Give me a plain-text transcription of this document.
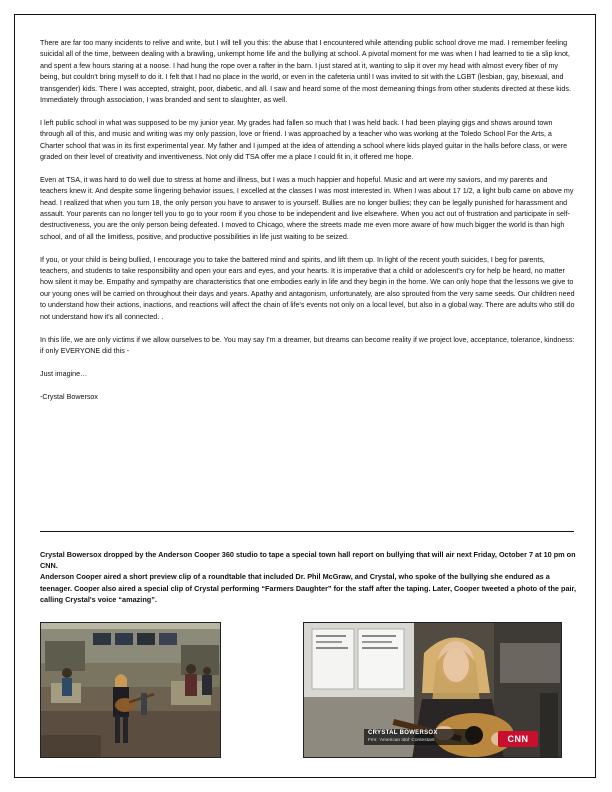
There are far too many incidents to relive and write, but I will tell you this: the abuse that I encountered while attending public school drove me mad. I remember feeling suicidal all of the time, between dealing with a brawling, unkempt home life and the bullying at school. A pivotal moment for me was when I had learned to tie a slip knot, and spent a few hours staring at a noose. I had hung the rope over a rafter in the barn. I just stared at it, wanting to slip it over my head with almost every fiber of my being, but couldn't bring myself to do it. I felt that I had no place in the world, or even in the cafeteria until I was invited to sit with the LGBT (lesbian, gay, bisexual, and transgender) kids. There I was accepted, straight, poor, diabetic, and all. I saw and heard some of the most demeaning things from other students directed at these kids. Immediately through association, I was branded and sent to slaughter, as well.

I left public school in what was supposed to be my junior year. My grades had fallen so much that I was held back. I had been playing gigs and shows around town through all of this, and music and writing was my only passion, love or friend. I was approached by a teacher who was working at the Toledo School For the Arts, a Charter school that was in its first experimental year. My father and I jumped at the idea of attending a school where kids played guitar in the halls before class, or were graded on their level of creativity and inventiveness. Not only did TSA offer me a place I could fit in, it offered me hope.

Even at TSA, it was hard to do well due to stress at home and illness, but I was a much happier and hopeful. Music and art were my saviors, and my parents and teachers knew it. And despite some lingering behavior issues, I excelled at the classes I was most interested in. When I was about 17 1/2, a light bulb came on above my head. I realized that when you turn 18, the only person you have to answer to is yourself. Bullies are no longer bullies; they can be legally punished for harassment and assault. Your parents can no longer tell you to go to your room if you chose to be independent and live elsewhere. When you act out of frustration and participate in self-destructiveness, you are the only person being defeated. I moved to Chicago, where the streets made me even more aware of how much bigger the world is than high school, and of all the limitless, positive, and productive possibilities in life just waiting to be seized.

If you, or your child is being bullied, I encourage you to take the battered mind and spirits, and lift them up. In light of the recent youth suicides, I beg for parents, teachers, and students to take responsibility and open your ears and eyes, and your hearts. It is imperative that a child or adolescent's cry for help be heard, no matter how silent it may be. Empathy and sympathy are characteristics that one embodies early in life and they begin in the home. We can only hope that the lessons we give to our young ones will be carried on throughout their days and years. Apathy and antagonism, unfortunately, are also sprouted from the very same seeds. Our children need to understand how their actions, inactions, and reactions will affect the chain of life's events not only on a local level, but also in a global way. There are adults who still do not understand how it's all connected. .

In this life, we are only victims if we allow ourselves to be. You may say I'm a dreamer, but dreams can become reality if we project love, acceptance, tolerance, kindness: if only EVERYONE did this -

Just imagine…

-Crystal Bowersox

Crystal Bowersox dropped by the Anderson Cooper 360 studio to tape a special town hall report on bullying that will air next Friday, October 7 at 10 pm on CNN.

Anderson Cooper aired a short preview clip of a roundtable that included Dr. Phil McGraw, and Crystal, who spoke of the bullying she endured as a teenager. Cooper also aired a special clip of Crystal performing “Farmers Daughter” for the staff after the taping. Later, Cooper tweeted a photo of the pair, calling Crystal's voice “amazing”.

CRYSTAL BOWERSOX
Fmr. 'American Idol' Contestant	CNN
